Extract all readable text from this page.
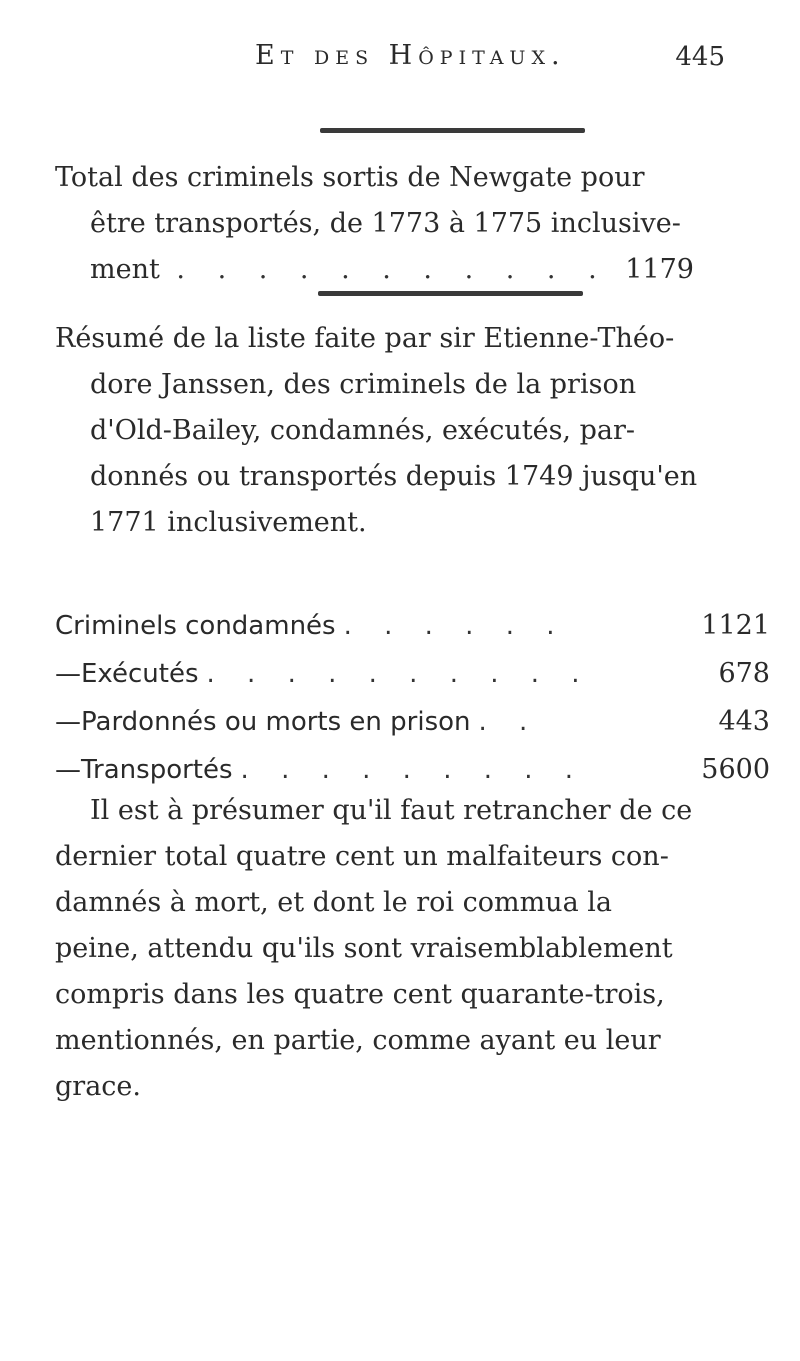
Et des Hôpitaux.	445
Total des criminels sortis de Newgate pour
être transportés, de 1773 à 1775 inclusive-
ment . . . . . . . . . . . 1179
Résumé de la liste faite par sir Etienne-Théo-
dore Janssen, des criminels de la prison
d'Old-Bailey, condamnés, exécutés, par-
donnés ou transportés depuis 1749 jusqu'en
1771 inclusivement.
Criminels condamnés . . . . . .	1121
—Exécutés . . . . . . . . . .	678
—Pardonnés ou morts en prison . .	443
—Transportés . . . . . . . . .	5600
Il est à présumer qu'il faut retrancher de ce
dernier total quatre cent un malfaiteurs con-
damnés à mort, et dont le roi commua la
peine, attendu qu'ils sont vraisemblablement
compris dans les quatre cent quarante-trois,
mentionnés, en partie, comme ayant eu leur
grace.
